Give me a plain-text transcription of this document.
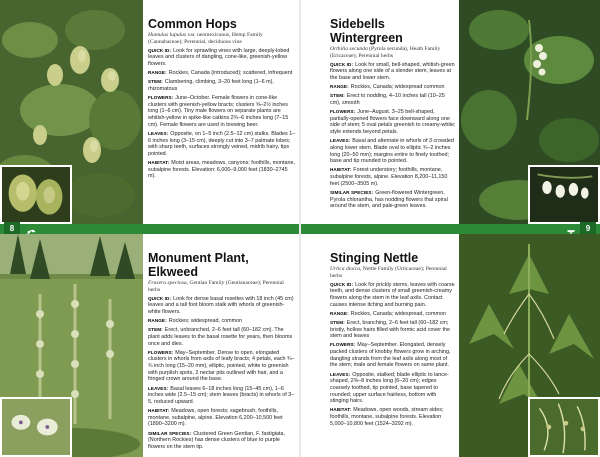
Common Hops
Humulus lupulus var. neomexicanus, Hemp Family (Cannabaceae); Perennial, deciduous vine
QUICK ID: Look for sprawling vines with large, deeply-lobed leaves and clusters of dangling, cone-like, greenish-yellow flowers.
RANGE: Rockies, Canada (introduced); scattered, infrequent
STEM: Clambering, climbing, 3–20 feet long (1–6 m), rhizomatous
FLOWERS: June–October. Female flowers in cone-like clusters with greenish-yellow bracts; clusters ⅝–2½ inches long (1–6 cm). Tiny male flowers on separate plants are whitish-yellow in spike-like catkins 2¾–6 inches long (7–15 cm). Female flowers are used in brewing beer.
LEAVES: Opposite, on 1–5 inch (2.5–12 cm) stalks. Blades 1–6 inches long (3–15 cm), deeply cut into 3–7 palmate lobes; with sharp teeth, surfaces strongly veined, midrib hairy, tips pointed.
HABITAT: Moist areas, meadows, canyons; foothills, montane, subalpine forests. Elevation: 6,000–9,000 feet (1830–2745 m).
Sidebells Wintergreen
Orthilia secunda (Pyrola secunda), Heath Family (Ericaceae); Perennial herbs
QUICK ID: Look for small, bell-shaped, whitish-green flowers along one side of a slender stem, leaves at the base and lower stem.
RANGE: Rockies, Canada; widespread common
STEM: Erect to nodding, 4–10 inches tall (10–25 cm), smooth
FLOWERS: June–August. 3–25 bell-shaped, partially-opened flowers face downward along one side of stem; 5 oval petals greenish to creamy-white; style extends beyond petals.
LEAVES: Basal and alternate in whorls of 3 crowded along lower stem. Blade oval to elliptic ¾–2 inches long (20–50 mm); margins entire to finely toothed; base and tip rounded to pointed.
HABITAT: Forest understory; foothills, montane, subalpine forests, alpine. Elevation 8,200–11,150 feet (2500–3505 m).
SIMILAR SPECIES: Green-flowered Wintergreen, Pyrola chlorantha, has nodding flowers that spiral around the stem, and pale-green leaves.
8	9
Monument Plant, Elkweed
Frasera speciosa, Gentian Family (Gentianaceae); Perennial herbs
QUICK ID: Look for dense basal rosettes with 18 inch (45 cm) leaves and a tall foot bloom stalk with whorls of greenish-white flowers.
RANGE: Rockies; widespread, common
STEM: Erect, unbranched, 2–6 feet tall (60–182 cm). The plant adds leaves to the basal rosette for years, then blooms once and dies.
FLOWERS: May–September. Dense to open, elongated clusters in whorls from axils of leafy bracts; 4 petals, each ¾–¾ inch long (15–20 mm), elliptic, pointed, white to greenish with purplish spots, 2 nectar pits outlined with hair, and a fringed crown around the base.
LEAVES: Basal leaves 6–18 inches long (15–45 cm), 1–6 inches wide (2.5–15 cm); stem leaves (bracts) in whorls of 3–5, reduced upward.
HABITAT: Meadows, open forests; sagebrush, foothills, montane, subalpine, alpine. Elevation 6,200–10,500 feet (1890–3200 m).
SIMILAR SPECIES: Clustered Green Gentian, F. fastigiata, (Northern Rockies) has dense clusters of blue to purple flowers on the stem tip.
Stinging Nettle
Urtica dioica, Nettle Family (Urticaceae); Perennial herbs
QUICK ID: Look for prickly stems, leaves with coarse teeth, and dense clusters of small greenish-creamy flowers along the stem in the leaf axils. Contact causes intense itching and burning pain.
RANGE: Rockies, Canada; widespread, common
STEM: Erect, branching, 2–6 feet tall (60–182 cm; bristly, hollow hairs filled with formic acid cover the stem and leaves
FLOWERS: May–September. Elongated, densely packed clusters of knobby flowers grow in arching, dangling strands from the leaf axils along most of the stem; male and female flowers on same plant.
LEAVES: Opposite, stalked; blade elliptic to lance-shaped, 2⅜–8 inches long (6–20 cm); edges coarsely toothed, tip pointed, base tapered to rounded; upper surface hairless, bottom with stinging hairs.
HABITAT: Meadows, open woods, stream sides; foothills, montane, subalpine forests. Elevation 5,000–10,800 feet (1524–3292 m).
